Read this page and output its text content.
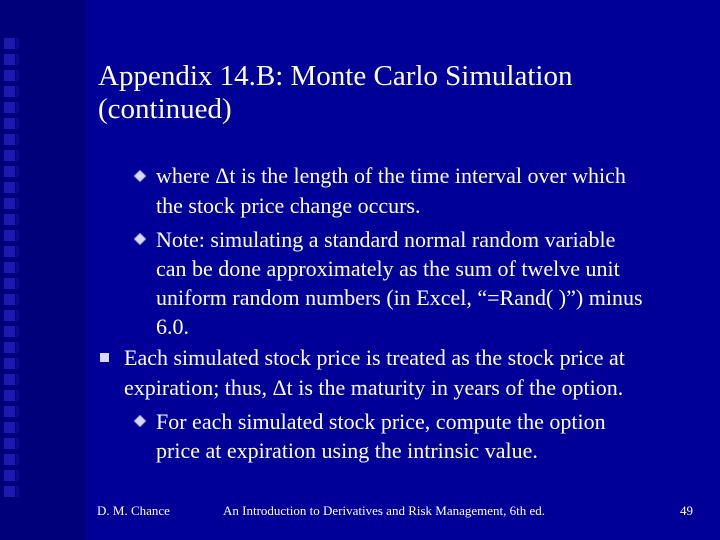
Appendix 14.B: Monte Carlo Simulation (continued)
where Δt is the length of the time interval over which
the stock price change occurs.
Note: simulating a standard normal random variable
can be done approximately as the sum of twelve unit
uniform random numbers (in Excel, “=Rand( )”) minus
6.0.
Each simulated stock price is treated as the stock price at
expiration; thus, Δt is the maturity in years of the option.
For each simulated stock price, compute the option
price at expiration using the intrinsic value.
D. M. Chance	An Introduction to Derivatives and Risk Management, 6th ed.	49
